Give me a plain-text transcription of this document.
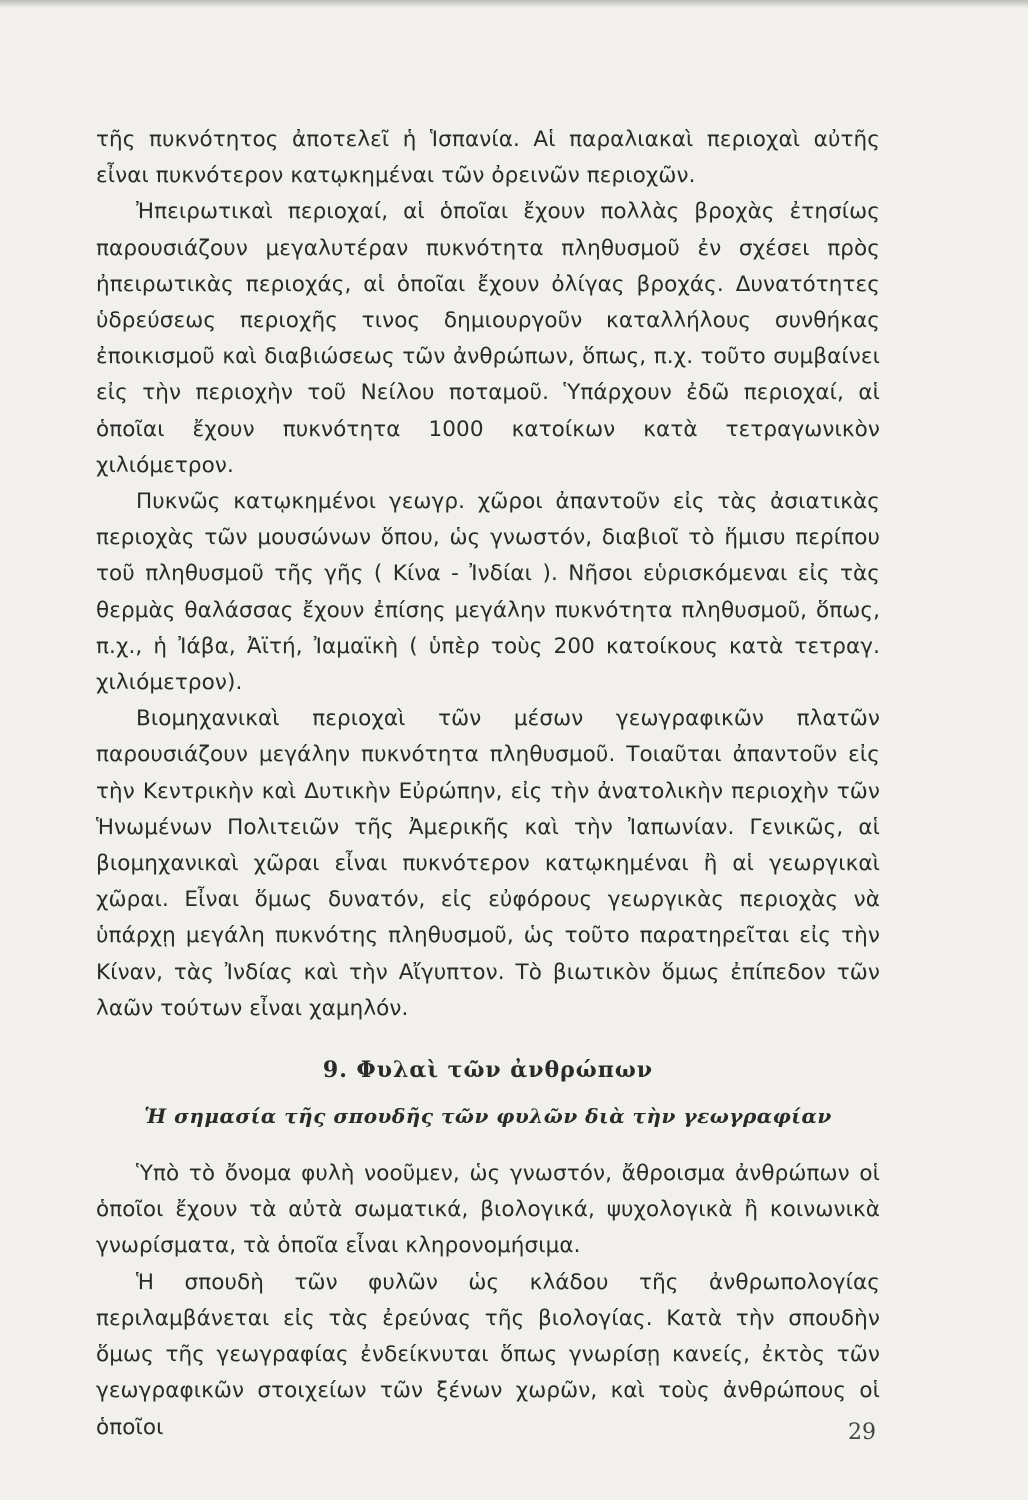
τῆς πυκνότητος ἀποτελεῖ ἡ Ἱσπανία. Αἱ παραλιακαὶ περιοχαὶ αὐτῆς εἶναι πυκνότερον κατῳκημέναι τῶν ὀρεινῶν περιοχῶν.

Ἠπειρωτικαὶ περιοχαί, αἱ ὁποῖαι ἔχουν πολλὰς βροχὰς ἐτησίως παρουσιάζουν μεγαλυτέραν πυκνότητα πληθυσμοῦ ἐν σχέσει πρὸς ἠπειρωτικὰς περιοχάς, αἱ ὁποῖαι ἔχουν ὀλίγας βροχάς. Δυνατότητες ὑδρεύσεως περιοχῆς τινος δημιουργοῦν καταλλήλους συνθήκας ἐποικισμοῦ καὶ διαβιώσεως τῶν ἀνθρώπων, ὅπως, π.χ. τοῦτο συμβαίνει εἰς τὴν περιοχὴν τοῦ Νείλου ποταμοῦ. Ὑπάρχουν ἐδῶ περιοχαί, αἱ ὁποῖαι ἔχουν πυκνότητα 1000 κατοίκων κατὰ τετραγωνικὸν χιλιόμετρον.

Πυκνῶς κατῳκημένοι γεωγρ. χῶροι ἀπαντοῦν εἰς τὰς ἀσιατικὰς περιοχὰς τῶν μουσώνων ὅπου, ὡς γνωστόν, διαβιοῖ τὸ ἥμισυ περίπου τοῦ πληθυσμοῦ τῆς γῆς ( Κίνα - Ἰνδίαι ). Νῆσοι εὑρισκόμεναι εἰς τὰς θερμὰς θαλάσσας ἔχουν ἐπίσης μεγάλην πυκνότητα πληθυσμοῦ, ὅπως, π.χ., ἡ Ἰάβα, Ἀϊτή, Ἰαμαϊκὴ ( ὑπὲρ τοὺς 200 κατοίκους κατὰ τετραγ. χιλιόμετρον).

Βιομηχανικαὶ περιοχαὶ τῶν μέσων γεωγραφικῶν πλατῶν παρουσιάζουν μεγάλην πυκνότητα πληθυσμοῦ. Τοιαῦται ἀπαντοῦν εἰς τὴν Κεντρικὴν καὶ Δυτικὴν Εὐρώπην, εἰς τὴν ἀνατολικὴν περιοχὴν τῶν Ἡνωμένων Πολιτειῶν τῆς Ἀμερικῆς καὶ τὴν Ἰαπωνίαν. Γενικῶς, αἱ βιομηχανικαὶ χῶραι εἶναι πυκνότερον κατῳκημέναι ἢ αἱ γεωργικαὶ χῶραι. Εἶναι ὅμως δυνατόν, εἰς εὐφόρους γεωργικὰς περιοχὰς νὰ ὑπάρχῃ μεγάλη πυκνότης πληθυσμοῦ, ὡς τοῦτο παρατηρεῖται εἰς τὴν Κίναν, τὰς Ἰνδίας καὶ τὴν Αἴγυπτον. Τὸ βιωτικὸν ὅμως ἐπίπεδον τῶν λαῶν τούτων εἶναι χαμηλόν.

9. Φυλαὶ τῶν ἀνθρώπων
Ἡ σημασία τῆς σπουδῆς τῶν φυλῶν διὰ τὴν γεωγραφίαν

Ὑπὸ τὸ ὄνομα φυλὴ νοοῦμεν, ὡς γνωστόν, ἄθροισμα ἀνθρώπων οἱ ὁποῖοι ἔχουν τὰ αὐτὰ σωματικά, βιολογικά, ψυχολογικὰ ἢ κοινωνικὰ γνωρίσματα, τὰ ὁποῖα εἶναι κληρονομήσιμα.

Ἡ σπουδὴ τῶν φυλῶν ὡς κλάδου τῆς ἀνθρωπολογίας περιλαμβάνεται εἰς τὰς ἐρεύνας τῆς βιολογίας. Κατὰ τὴν σπουδὴν ὅμως τῆς γεωγραφίας ἐνδείκνυται ὅπως γνωρίσῃ κανείς, ἐκτὸς τῶν γεωγραφικῶν στοιχείων τῶν ξένων χωρῶν, καὶ τοὺς ἀνθρώπους οἱ ὁποῖοι	29
